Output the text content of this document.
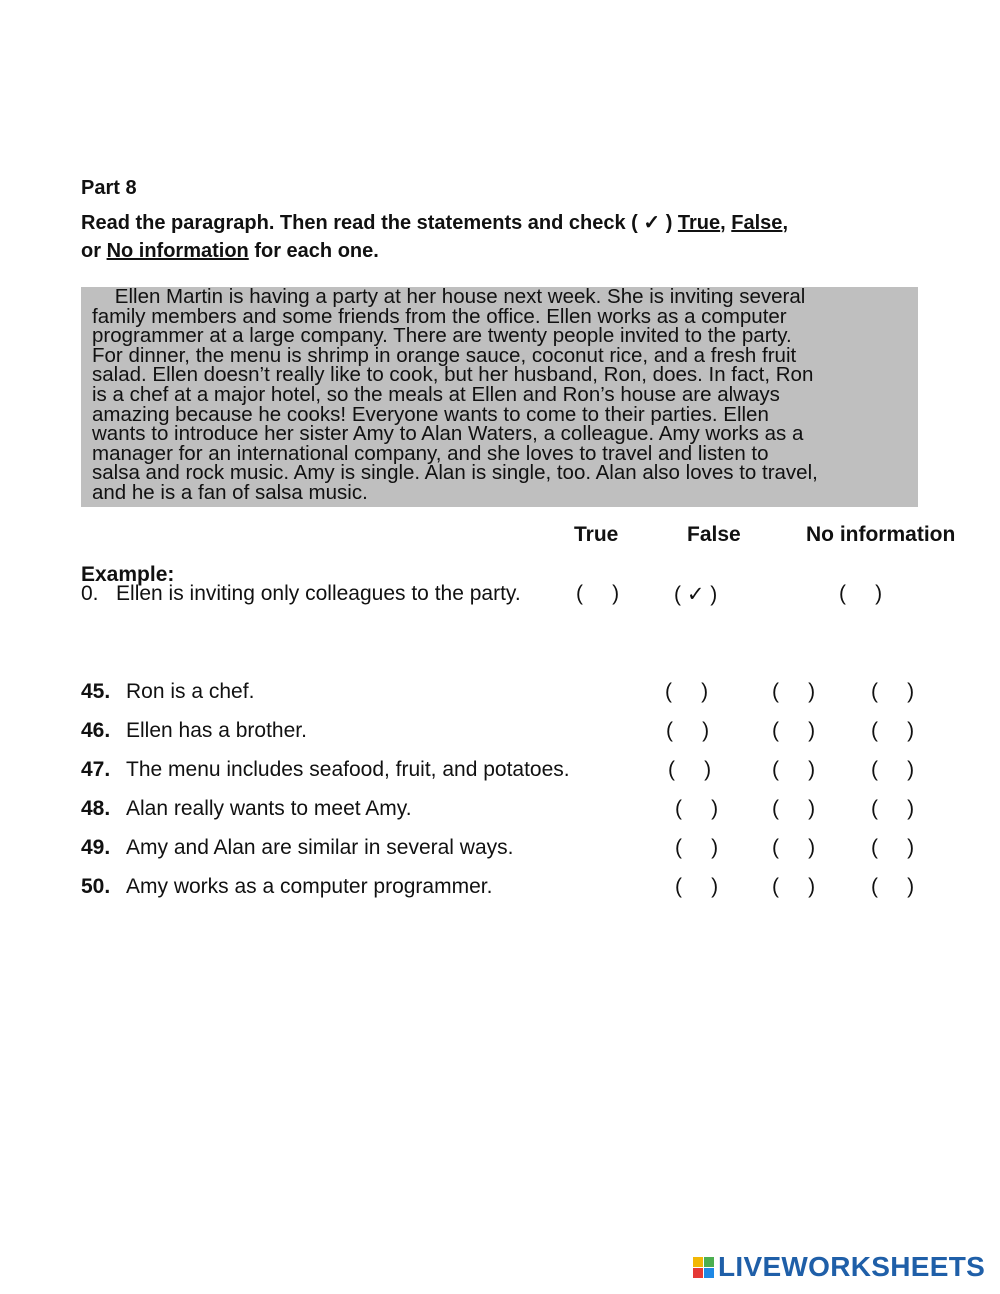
Part 8
Read the paragraph. Then read the statements and check ( ✓ ) True, False,
or No information for each one.
Ellen Martin is having a party at her house next week. She is inviting several
family members and some friends from the office. Ellen works as a computer
programmer at a large company. There are twenty people invited to the party.
For dinner, the menu is shrimp in orange sauce, coconut rice, and a fresh fruit
salad. Ellen doesn’t really like to cook, but her husband, Ron, does. In fact, Ron
is a chef at a major hotel, so the meals at Ellen and Ron’s house are always
amazing because he cooks! Everyone wants to come to their parties. Ellen
wants to introduce her sister Amy to Alan Waters, a colleague. Amy works as a
manager for an international company, and she loves to travel and listen to
salsa and rock music. Amy is single. Alan is single, too. Alan also loves to travel,
and he is a fan of salsa music.
True	False	No information
Example:
0.   Ellen is inviting only colleagues to the party.	(     )	( ✓ )	(     )
45. Ron is a chef.	(     )	(     )	(     )
46. Ellen has a brother.	(     )	(     )	(     )
47. The menu includes seafood, fruit, and potatoes.	(     )	(     )	(     )
48. Alan really wants to meet Amy.	(     )	(     )	(     )
49. Amy and Alan are similar in several ways.	(     )	(     )	(     )
50. Amy works as a computer programmer.	(     )	(     )	(     )
LIVEWORKSHEETS
